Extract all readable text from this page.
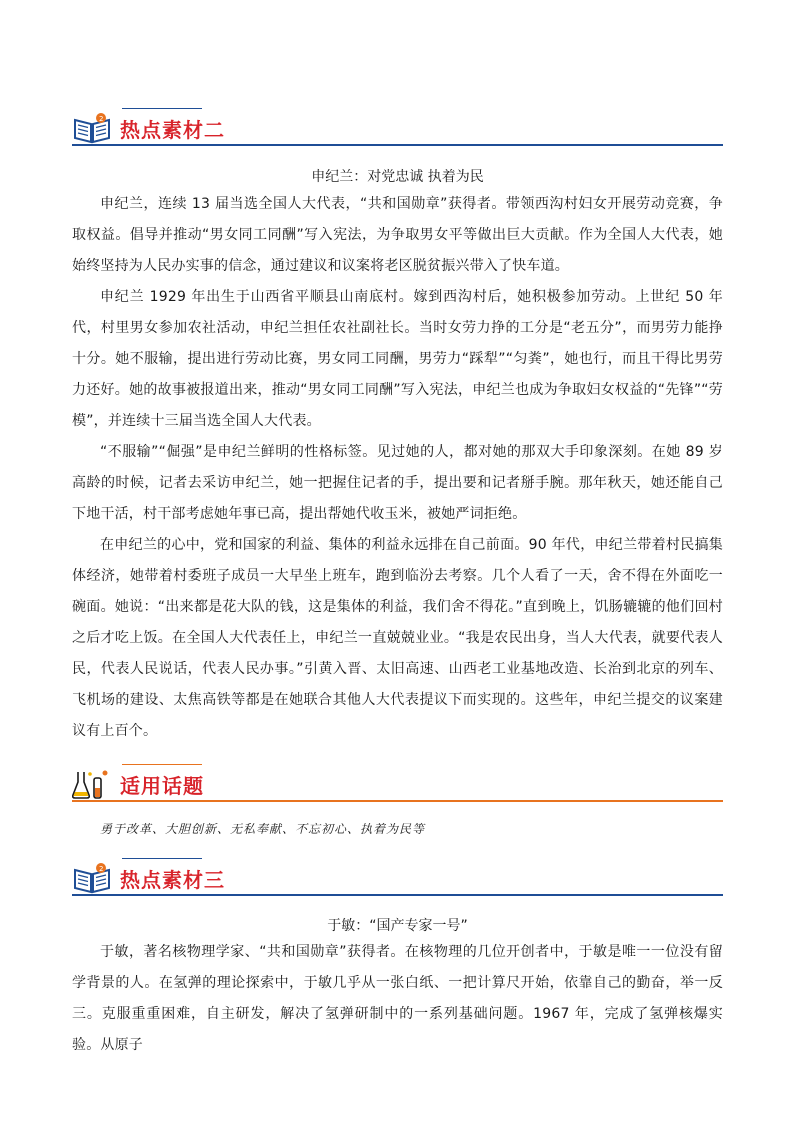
2 热点素材二
申纪兰：对党忠诚 执着为民

申纪兰，连续 13 届当选全国人大代表，“共和国勋章”获得者。带领西沟村妇女开展劳动竞赛，争取权益。倡导并推动“男女同工同酬”写入宪法，为争取男女平等做出巨大贡献。作为全国人大代表，她始终坚持为人民办实事的信念，通过建议和议案将老区脱贫振兴带入了快车道。

申纪兰 1929 年出生于山西省平顺县山南底村。嫁到西沟村后，她积极参加劳动。上世纪 50 年代，村里男女参加农社活动，申纪兰担任农社副社长。当时女劳力挣的工分是“老五分”，而男劳力能挣十分。她不服输，提出进行劳动比赛，男女同工同酬，男劳力“踩犁”“匀粪”，她也行，而且干得比男劳力还好。她的故事被报道出来，推动“男女同工同酬”写入宪法，申纪兰也成为争取妇女权益的“先锋”“劳模”，并连续十三届当选全国人大代表。

“不服输”“倔强”是申纪兰鲜明的性格标签。见过她的人，都对她的那双大手印象深刻。在她 89 岁高龄的时候，记者去采访申纪兰，她一把握住记者的手，提出要和记者掰手腕。那年秋天，她还能自己下地干活，村干部考虑她年事已高，提出帮她代收玉米，被她严词拒绝。

在申纪兰的心中，党和国家的利益、集体的利益永远排在自己前面。90 年代，申纪兰带着村民搞集体经济，她带着村委班子成员一大早坐上班车，跑到临汾去考察。几个人看了一天，舍不得在外面吃一碗面。她说：“出来都是花大队的钱，这是集体的利益，我们舍不得花。”直到晚上，饥肠辘辘的他们回村之后才吃上饭。在全国人大代表任上，申纪兰一直兢兢业业。“我是农民出身，当人大代表，就要代表人民，代表人民说话，代表人民办事。”引黄入晋、太旧高速、山西老工业基地改造、长治到北京的列车、飞机场的建设、太焦高铁等都是在她联合其他人大代表提议下而实现的。这些年，申纪兰提交的议案建议有上百个。

适用话题
勇于改革、大胆创新、无私奉献、不忘初心、执着为民等
2 热点素材三
于敏：“国产专家一号”

于敏，著名核物理学家、“共和国勋章”获得者。在核物理的几位开创者中，于敏是唯一一位没有留学背景的人。在氢弹的理论探索中，于敏几乎从一张白纸、一把计算尺开始，依靠自己的勤奋，举一反三。克服重重困难，自主研发，解决了氢弹研制中的一系列基础问题。1967 年，完成了氢弹核爆实验。从原子
